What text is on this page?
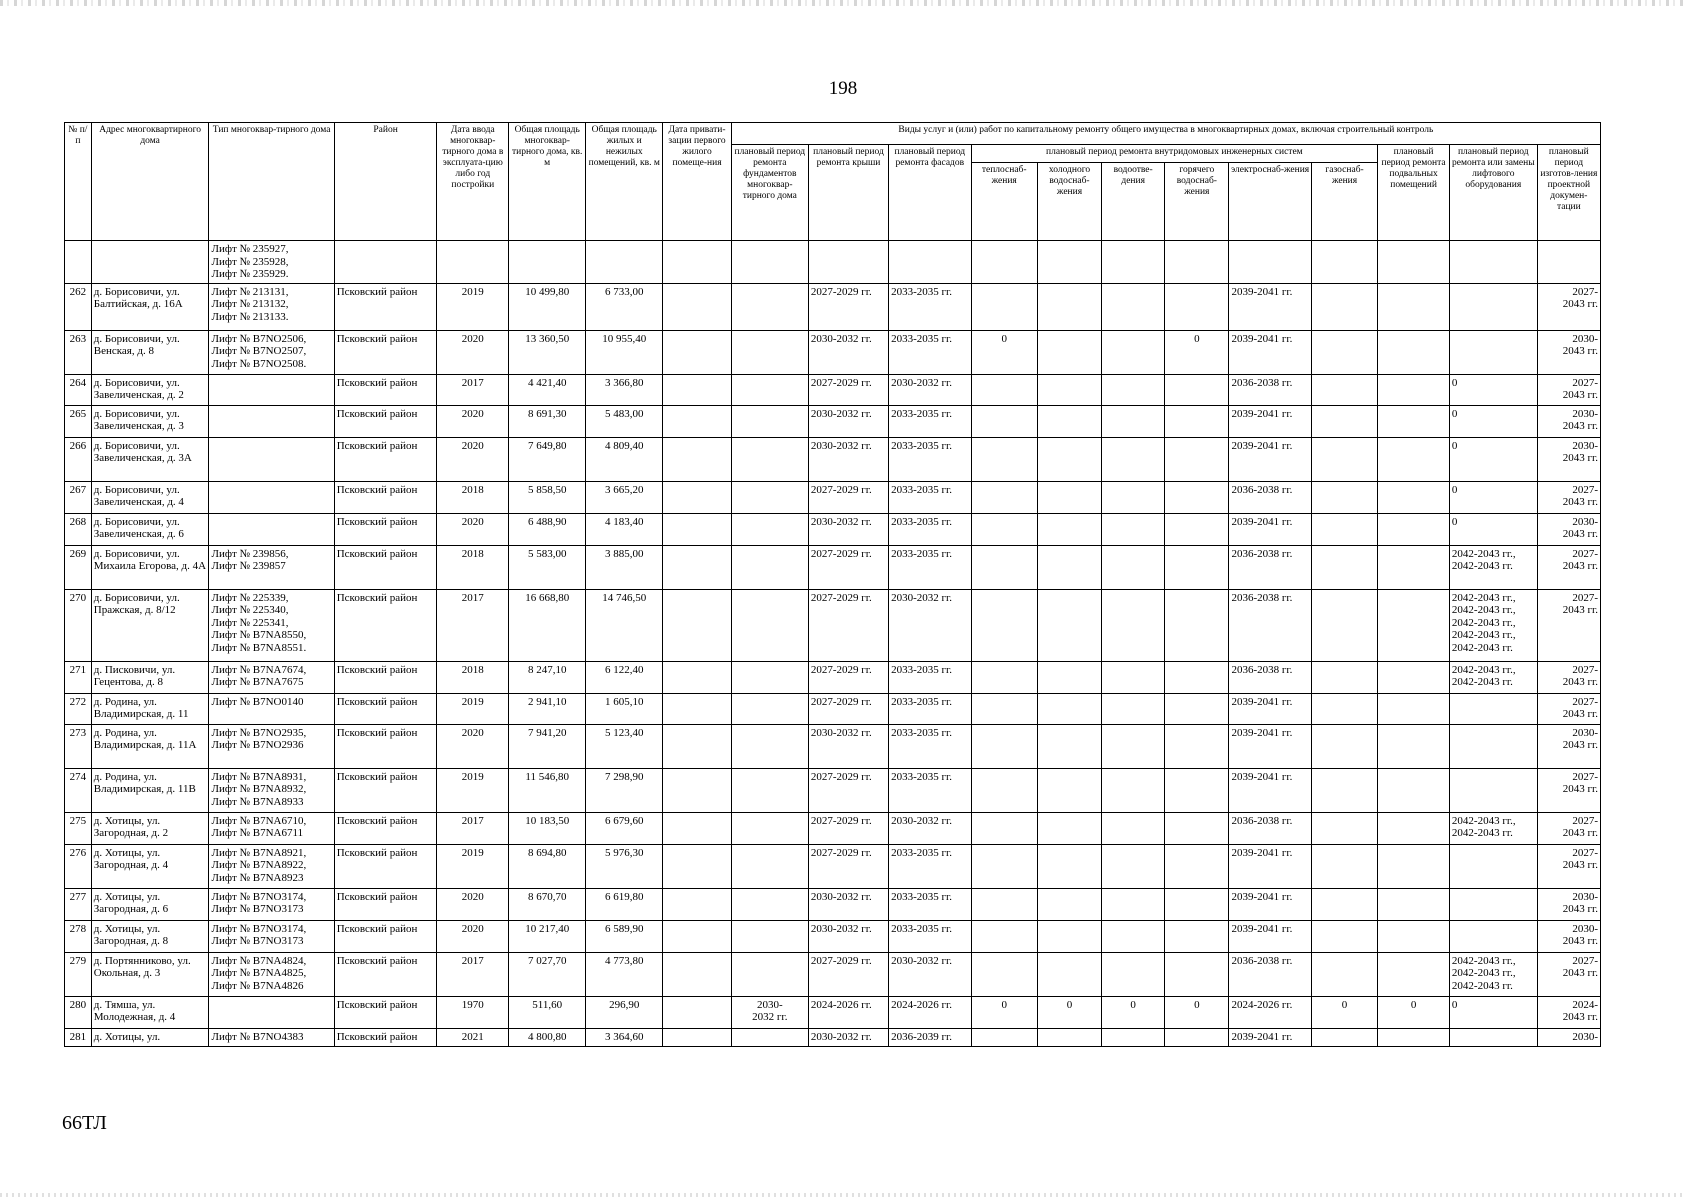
198
№ п/п	Адрес многоквартирного дома	Тип многоквар-тирного дома	Район	Дата ввода многоквар-тирного дома в эксплуата-цию либо год постройки	Общая площадь многоквар-тирного дома, кв. м	Общая площадь жилых и нежилых помещений, кв. м	Дата привати-зации первого жилого помеще-ния	Виды услуг и (или) работ по капитальному ремонту общего имущества в многоквартирных домах, включая строительный контроль											
								плановый период ремонта фундаментов многоквар-тирного дома	плановый период ремонта крыши	плановый период ремонта фасадов	плановый период ремонта внутридомовых инженерных систем						плановый период ремонта подвальных помещений	плановый период ремонта или замены лифтового оборудования	плановый период изготов-ления проектной докумен-тации
											теплоснаб-жения	холодного водоснаб-жения	водоотве-дения	горячего водоснаб-жения	электроснаб-жения	газоснаб-жения			
		Лифт № 235927,
Лифт № 235928,
Лифт № 235929.																	
262	д. Борисовичи, ул. Балтийская, д. 16А	Лифт № 213131,
Лифт № 213132,
Лифт № 213133.	Псковский район	2019	10 499,80	6 733,00			2027-2029 гг.	2033-2035 гг.					2039-2041 гг.				2027-
2043 гг.
263	д. Борисовичи, ул. Венская, д. 8	Лифт № B7NO2506,
Лифт № B7NO2507,
Лифт № B7NO2508.	Псковский район	2020	13 360,50	10 955,40			2030-2032 гг.	2033-2035 гг.	0			0	2039-2041 гг.				2030-
2043 гг.
264	д. Борисовичи, ул. Завеличенская, д. 2		Псковский район	2017	4 421,40	3 366,80			2027-2029 гг.	2030-2032 гг.					2036-2038 гг.			0	2027-
2043 гг.
265	д. Борисовичи, ул. Завеличенская, д. 3		Псковский район	2020	8 691,30	5 483,00			2030-2032 гг.	2033-2035 гг.					2039-2041 гг.			0	2030-
2043 гг.
266	д. Борисовичи, ул. Завеличенская, д. 3А		Псковский район	2020	7 649,80	4 809,40			2030-2032 гг.	2033-2035 гг.					2039-2041 гг.			0	2030-
2043 гг.
267	д. Борисовичи, ул. Завеличенская, д. 4		Псковский район	2018	5 858,50	3 665,20			2027-2029 гг.	2033-2035 гг.					2036-2038 гг.			0	2027-
2043 гг.
268	д. Борисовичи, ул. Завеличенская, д. 6		Псковский район	2020	6 488,90	4 183,40			2030-2032 гг.	2033-2035 гг.					2039-2041 гг.			0	2030-
2043 гг.
269	д. Борисовичи, ул. Михаила Егорова, д. 4А	Лифт № 239856,
Лифт № 239857	Псковский район	2018	5 583,00	3 885,00			2027-2029 гг.	2033-2035 гг.					2036-2038 гг.			2042-2043 гг.,
2042-2043 гг.	2027-
2043 гг.
270	д. Борисовичи, ул. Пражская, д. 8/12	Лифт № 225339,
Лифт № 225340,
Лифт № 225341,
Лифт № B7NA8550,
Лифт № B7NA8551.	Псковский район	2017	16 668,80	14 746,50			2027-2029 гг.	2030-2032 гг.					2036-2038 гг.			2042-2043 гг.,
2042-2043 гг.,
2042-2043 гг.,
2042-2043 гг.,
2042-2043 гг.	2027-
2043 гг.
271	д. Писковичи, ул. Гецентова, д. 8	Лифт № B7NA7674,
Лифт № B7NA7675	Псковский район	2018	8 247,10	6 122,40			2027-2029 гг.	2033-2035 гг.					2036-2038 гг.			2042-2043 гг.,
2042-2043 гг.	2027-
2043 гг.
272	д. Родина, ул. Владимирская, д. 11	Лифт № B7NO0140	Псковский район	2019	2 941,10	1 605,10			2027-2029 гг.	2033-2035 гг.					2039-2041 гг.				2027-
2043 гг.
273	д. Родина, ул. Владимирская, д. 11А	Лифт № B7NO2935,
Лифт № B7NO2936	Псковский район	2020	7 941,20	5 123,40			2030-2032 гг.	2033-2035 гг.					2039-2041 гг.				2030-
2043 гг.
274	д. Родина, ул. Владимирская, д. 11В	Лифт № B7NA8931,
Лифт № B7NA8932,
Лифт № B7NA8933	Псковский район	2019	11 546,80	7 298,90			2027-2029 гг.	2033-2035 гг.					2039-2041 гг.				2027-
2043 гг.
275	д. Хотицы, ул. Загородная, д. 2	Лифт № B7NA6710,
Лифт № B7NA6711	Псковский район	2017	10 183,50	6 679,60			2027-2029 гг.	2030-2032 гг.					2036-2038 гг.			2042-2043 гг.,
2042-2043 гг.	2027-
2043 гг.
276	д. Хотицы, ул. Загородная, д. 4	Лифт № B7NA8921,
Лифт № B7NA8922,
Лифт № B7NA8923	Псковский район	2019	8 694,80	5 976,30			2027-2029 гг.	2033-2035 гг.					2039-2041 гг.				2027-
2043 гг.
277	д. Хотицы, ул. Загородная, д. 6	Лифт № B7NO3174,
Лифт № B7NO3173	Псковский район	2020	8 670,70	6 619,80			2030-2032 гг.	2033-2035 гг.					2039-2041 гг.				2030-
2043 гг.
278	д. Хотицы, ул. Загородная, д. 8	Лифт № B7NO3174,
Лифт № B7NO3173	Псковский район	2020	10 217,40	6 589,90			2030-2032 гг.	2033-2035 гг.					2039-2041 гг.				2030-
2043 гг.
279	д. Портянниково, ул. Окольная, д. 3	Лифт № B7NA4824,
Лифт № B7NA4825,
Лифт № B7NA4826	Псковский район	2017	7 027,70	4 773,80			2027-2029 гг.	2030-2032 гг.					2036-2038 гг.			2042-2043 гг.,
2042-2043 гг.,
2042-2043 гг.	2027-
2043 гг.
280	д. Тямша, ул. Молодежная, д. 4		Псковский район	1970	511,60	296,90		2030-
2032 гг.	2024-2026 гг.	2024-2026 гг.	0	0	0	0	2024-2026 гг.	0	0	0	2024-
2043 гг.
281	д. Хотицы, ул.	Лифт № B7NO4383	Псковский район	2021	4 800,80	3 364,60			2030-2032 гг.	2036-2039 гг.					2039-2041 гг.				2030-
66ТЛ
